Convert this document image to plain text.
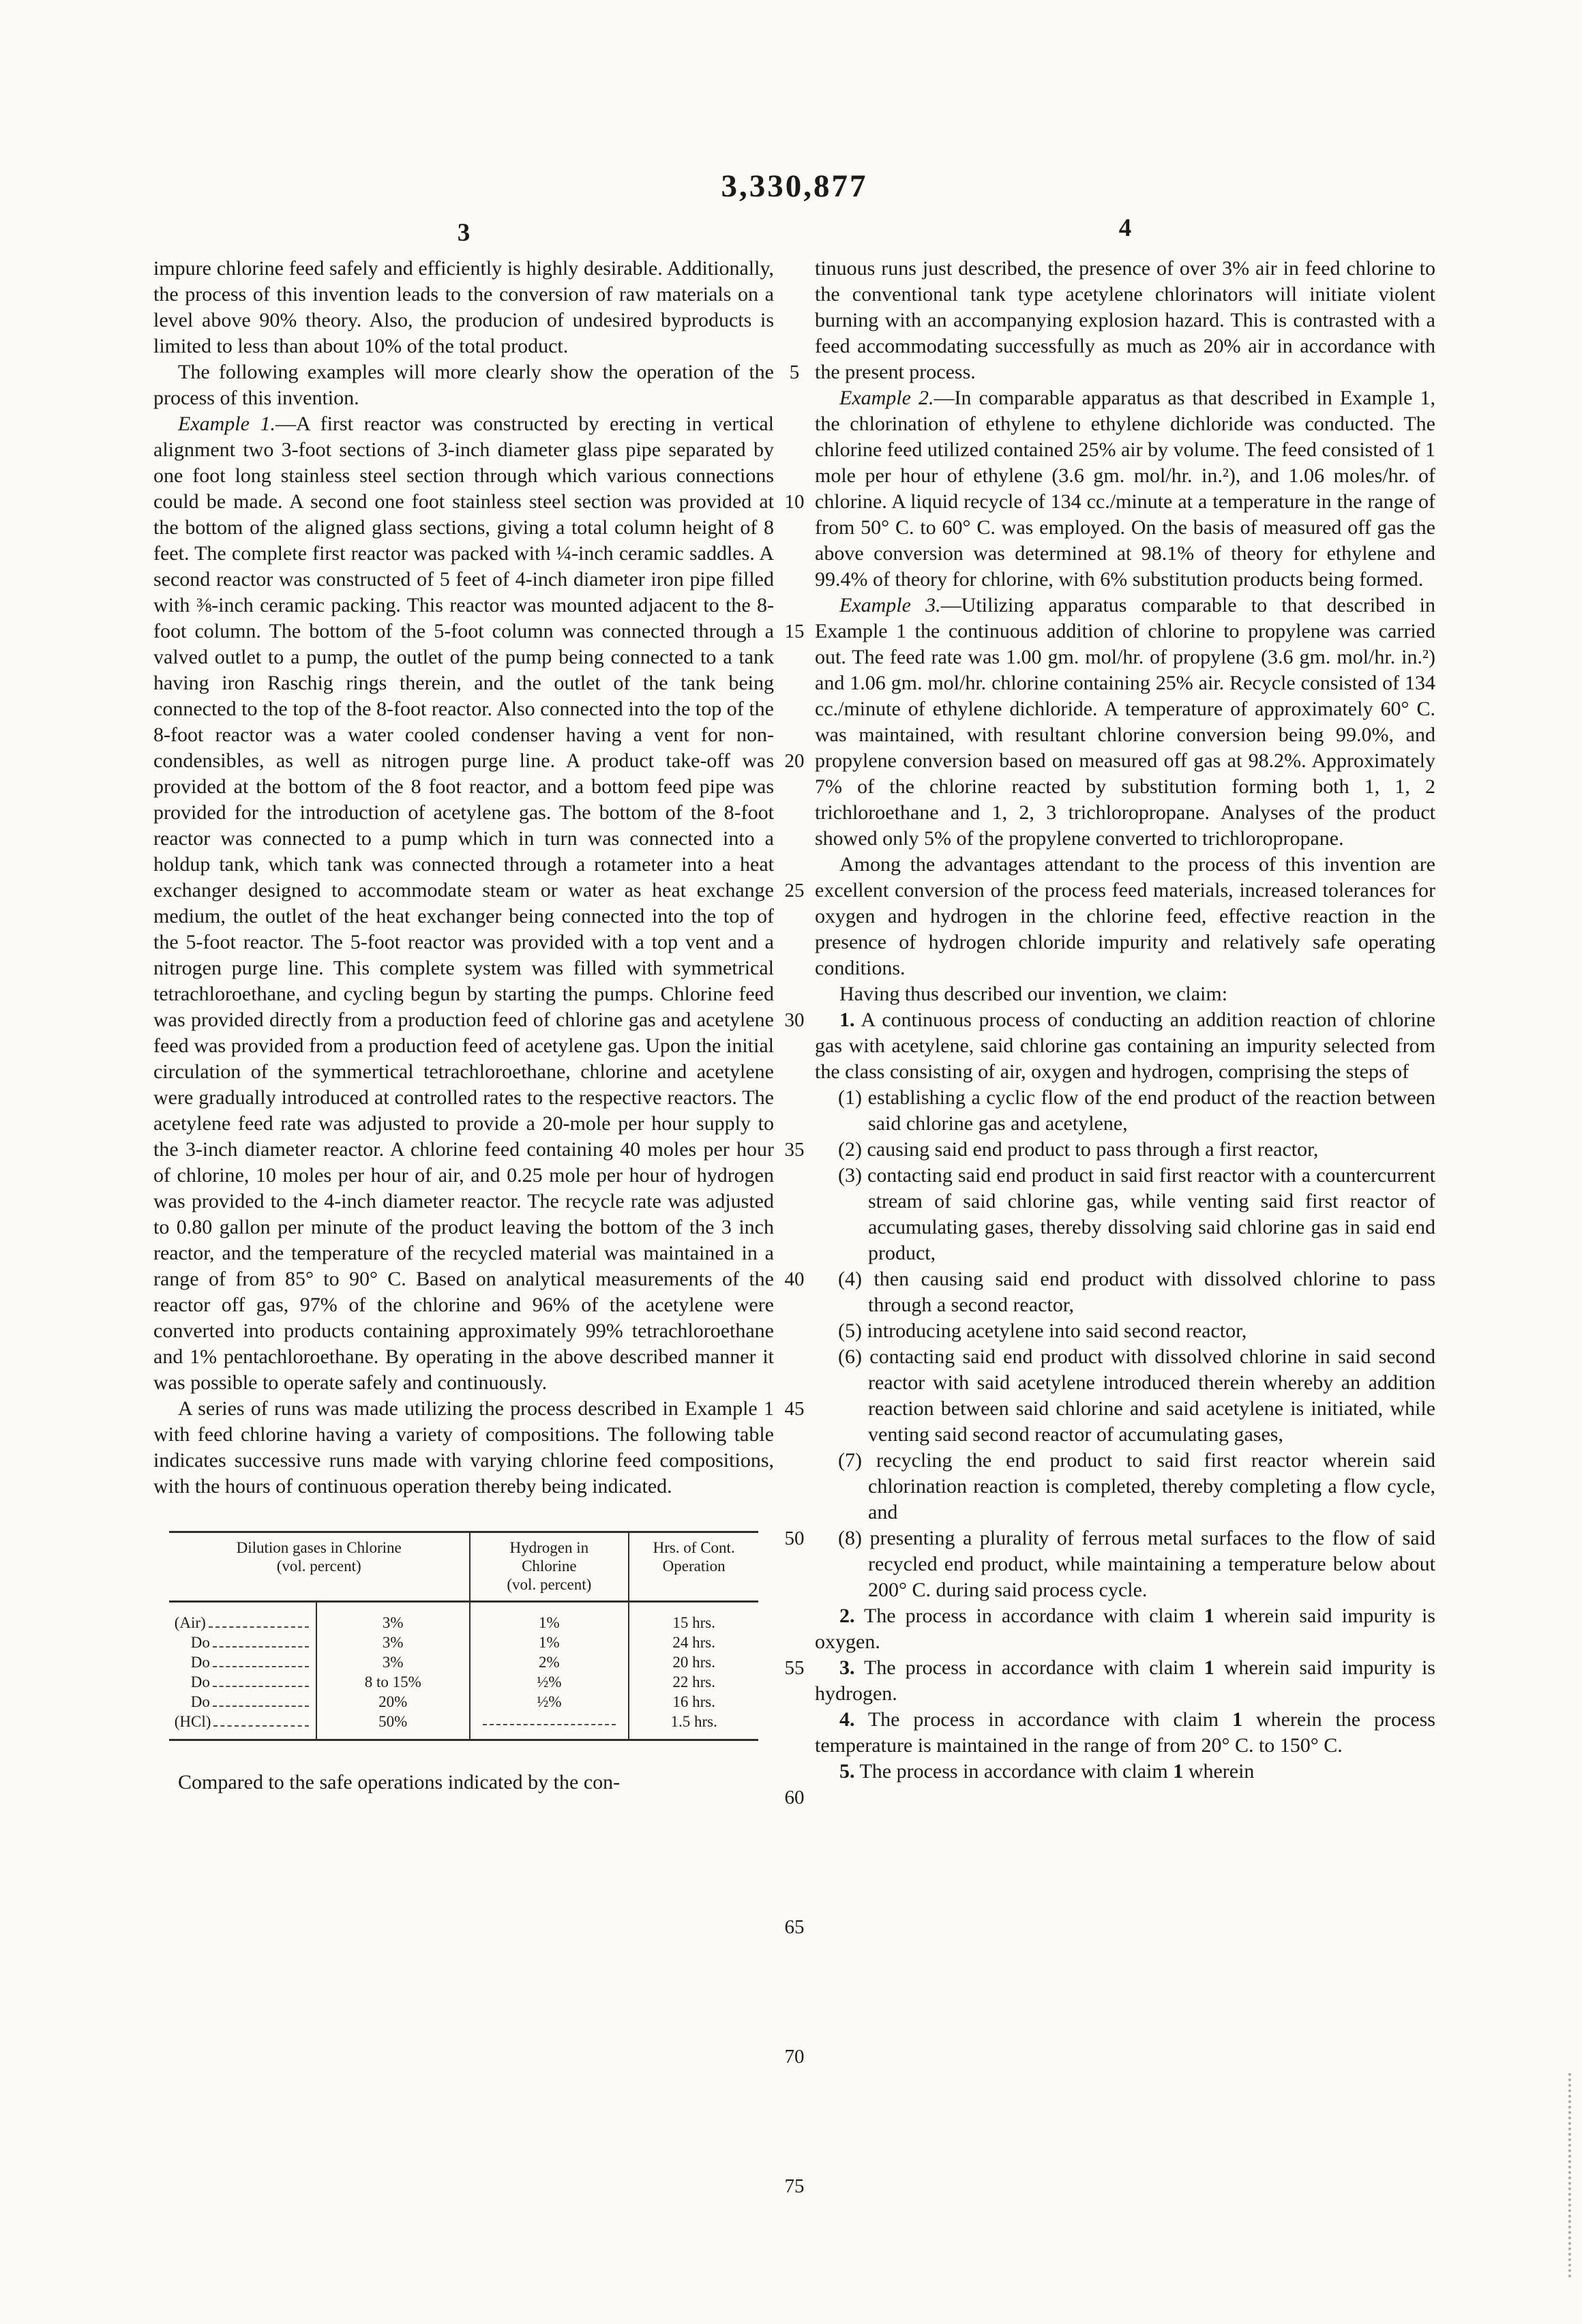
3,330,877
3	4

impure chlorine feed safely and efficiently is highly desirable. Additionally, the process of this invention leads to the conversion of raw materials on a level above 90% theory. Also, the producion of undesired byproducts is limited to less than about 10% of the total product.

The following examples will more clearly show the operation of the process of this invention.

Example 1.—A first reactor was constructed by erecting in vertical alignment two 3-foot sections of 3-inch diameter glass pipe separated by one foot long stainless steel section through which various connections could be made. A second one foot stainless steel section was provided at the bottom of the aligned glass sections, giving a total column height of 8 feet. The complete first reactor was packed with ¼-inch ceramic saddles. A second reactor was constructed of 5 feet of 4-inch diameter iron pipe filled with ⅜-inch ceramic packing. This reactor was mounted adjacent to the 8-foot column. The bottom of the 5-foot column was connected through a valved outlet to a pump, the outlet of the pump being connected to a tank having iron Raschig rings therein, and the outlet of the tank being connected to the top of the 8-foot reactor. Also connected into the top of the 8-foot reactor was a water cooled condenser having a vent for non-condensibles, as well as nitrogen purge line. A product take-off was provided at the bottom of the 8 foot reactor, and a bottom feed pipe was provided for the introduction of acetylene gas. The bottom of the 8-foot reactor was connected to a pump which in turn was connected into a holdup tank, which tank was connected through a rotameter into a heat exchanger designed to accommodate steam or water as heat exchange medium, the outlet of the heat exchanger being connected into the top of the 5-foot reactor. The 5-foot reactor was provided with a top vent and a nitrogen purge line. This complete system was filled with symmetrical tetrachloroethane, and cycling begun by starting the pumps. Chlorine feed was provided directly from a production feed of chlorine gas and acetylene feed was provided from a production feed of acetylene gas. Upon the initial circulation of the symmertical tetrachloroethane, chlorine and acetylene were gradually introduced at controlled rates to the respective reactors. The acetylene feed rate was adjusted to provide a 20-mole per hour supply to the 3-inch diameter reactor. A chlorine feed containing 40 moles per hour of chlorine, 10 moles per hour of air, and 0.25 mole per hour of hydrogen was provided to the 4-inch diameter reactor. The recycle rate was adjusted to 0.80 gallon per minute of the product leaving the bottom of the 3 inch reactor, and the temperature of the recycled material was maintained in a range of from 85° to 90° C. Based on analytical measurements of the reactor off gas, 97% of the chlorine and 96% of the acetylene were converted into products containing approximately 99% tetrachloroethane and 1% pentachloroethane. By operating in the above described manner it was possible to operate safely and continuously.

A series of runs was made utilizing the process described in Example 1 with feed chlorine having a variety of compositions. The following table indicates successive runs made with varying chlorine feed compositions, with the hours of continuous operation thereby being indicated.

Dilution gases in Chlorine
(vol. percent)		Hydrogen in
Chlorine
(vol. percent)	Hrs. of Cont.
Operation

(Air)	3%	1%	15 hrs.

Do	3%	1%	24 hrs.

Do	3%	2%	20 hrs.

Do	8 to 15%	½%	22 hrs.

Do	20%	½%	16 hrs.

(HCl)	50%		1.5 hrs.

Compared to the safe operations indicated by the con-

5
10
15
20
25
30
35
40
45
50
55
60
65
70
75

tinuous runs just described, the presence of over 3% air in feed chlorine to the conventional tank type acetylene chlorinators will initiate violent burning with an accompanying explosion hazard. This is contrasted with a feed accommodating successfully as much as 20% air in accordance with the present process.

Example 2.—In comparable apparatus as that described in Example 1, the chlorination of ethylene to ethylene dichloride was conducted. The chlorine feed utilized contained 25% air by volume. The feed consisted of 1 mole per hour of ethylene (3.6 gm. mol/hr. in.²), and 1.06 moles/hr. of chlorine. A liquid recycle of 134 cc./minute at a temperature in the range of from 50° C. to 60° C. was employed. On the basis of measured off gas the above conversion was determined at 98.1% of theory for ethylene and 99.4% of theory for chlorine, with 6% substitution products being formed.

Example 3.—Utilizing apparatus comparable to that described in Example 1 the continuous addition of chlorine to propylene was carried out. The feed rate was 1.00 gm. mol/hr. of propylene (3.6 gm. mol/hr. in.²) and 1.06 gm. mol/hr. chlorine containing 25% air. Recycle consisted of 134 cc./minute of ethylene dichloride. A temperature of approximately 60° C. was maintained, with resultant chlorine conversion being 99.0%, and propylene conversion based on measured off gas at 98.2%. Approximately 7% of the chlorine reacted by substitution forming both 1, 1, 2 trichloroethane and 1, 2, 3 trichloropropane. Analyses of the product showed only 5% of the propylene converted to trichloropropane.

Among the advantages attendant to the process of this invention are excellent conversion of the process feed materials, increased tolerances for oxygen and hydrogen in the chlorine feed, effective reaction in the presence of hydrogen chloride impurity and relatively safe operating conditions.

Having thus described our invention, we claim:

1. A continuous process of conducting an addition reaction of chlorine gas with acetylene, said chlorine gas containing an impurity selected from the class consisting of air, oxygen and hydrogen, comprising the steps of

(1) establishing a cyclic flow of the end product of the reaction between said chlorine gas and acetylene,

(2) causing said end product to pass through a first reactor,

(3) contacting said end product in said first reactor with a countercurrent stream of said chlorine gas, while venting said first reactor of accumulating gases, thereby dissolving said chlorine gas in said end product,

(4) then causing said end product with dissolved chlorine to pass through a second reactor,

(5) introducing acetylene into said second reactor,

(6) contacting said end product with dissolved chlorine in said second reactor with said acetylene introduced therein whereby an addition reaction between said chlorine and said acetylene is initiated, while venting said second reactor of accumulating gases,

(7) recycling the end product to said first reactor wherein said chlorination reaction is completed, thereby completing a flow cycle, and

(8) presenting a plurality of ferrous metal surfaces to the flow of said recycled end product, while maintaining a temperature below about 200° C. during said process cycle.

2. The process in accordance with claim 1 wherein said impurity is oxygen.

3. The process in accordance with claim 1 wherein said impurity is hydrogen.

4. The process in accordance with claim 1 wherein the process temperature is maintained in the range of from 20° C. to 150° C.

5. The process in accordance with claim 1 wherein
